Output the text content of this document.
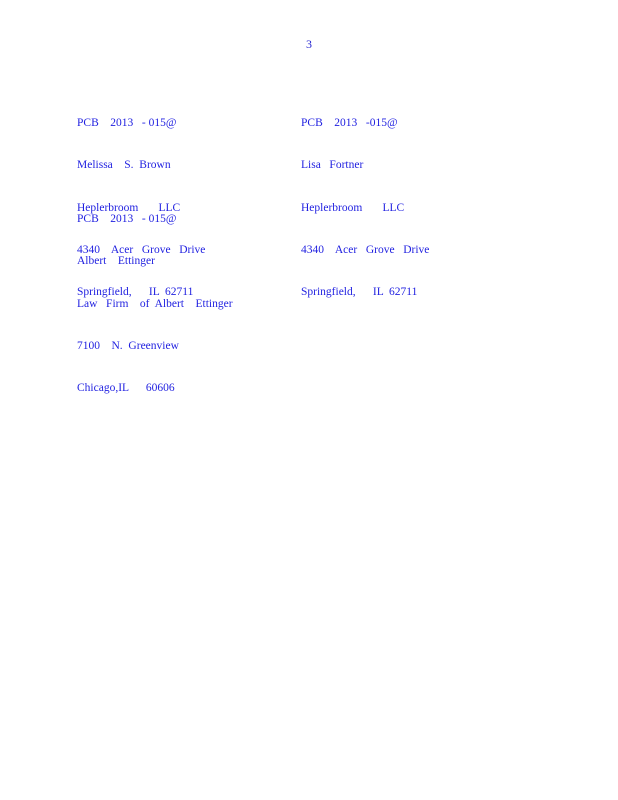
3

PCB    2013   - 015@

Melissa    S.  Brown

Heplerbroom       LLC

4340    Acer   Grove   Drive

Springfield,      IL  62711

PCB    2013   -015@

Lisa   Fortner

Heplerbroom       LLC

4340    Acer   Grove   Drive

Springfield,      IL  62711

PCB    2013   - 015@

Albert    Ettinger

Law   Firm    of  Albert    Ettinger

7100    N.  Greenview

Chicago,IL      60606
